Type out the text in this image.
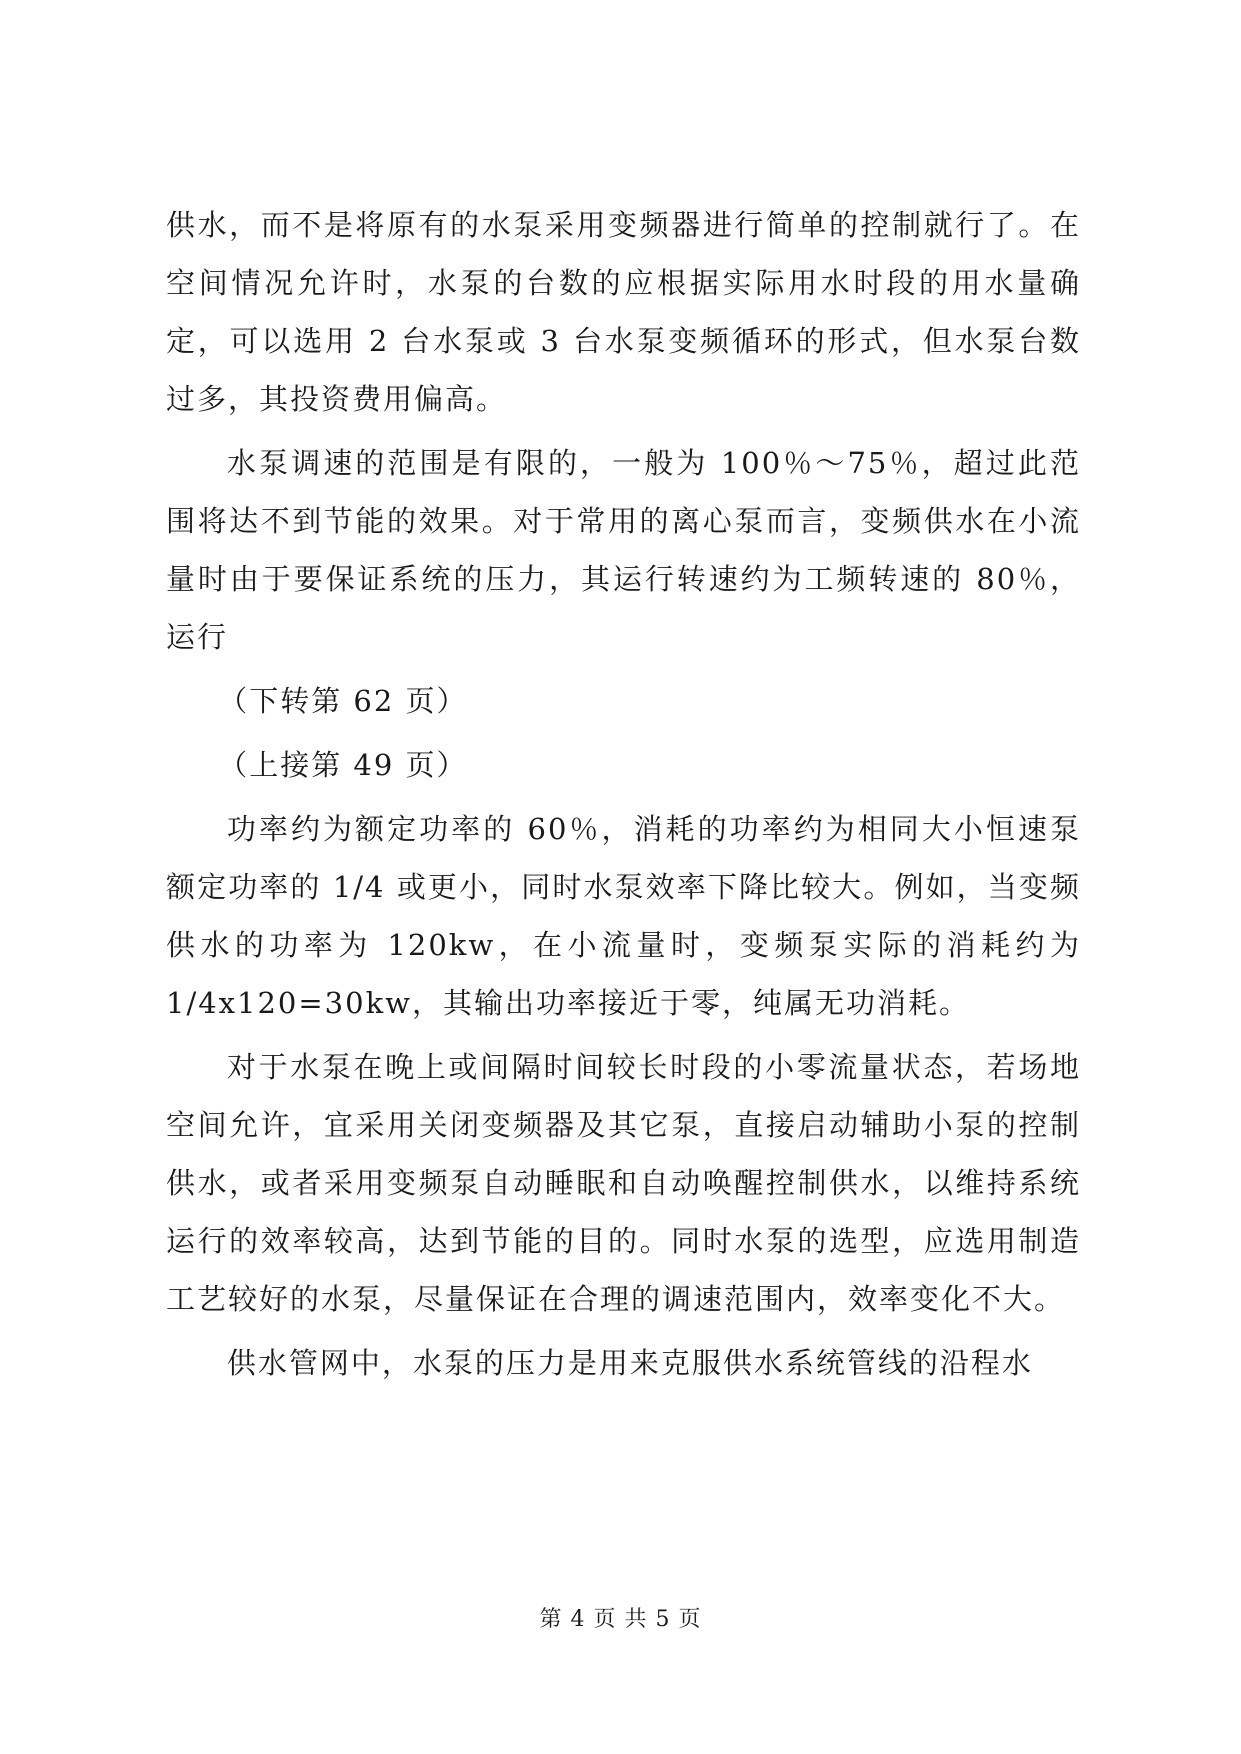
供水，而不是将原有的水泵采用变频器进行简单的控制就行了。在空间情况允许时，水泵的台数的应根据实际用水时段的用水量确定，可以选用 2 台水泵或 3 台水泵变频循环的形式，但水泵台数过多，其投资费用偏高。

水泵调速的范围是有限的，一般为 100％～75％，超过此范围将达不到节能的效果。对于常用的离心泵而言，变频供水在小流量时由于要保证系统的压力，其运行转速约为工频转速的 80％，运行

（下转第 62 页）

（上接第 49 页）

功率约为额定功率的 60％，消耗的功率约为相同大小恒速泵额定功率的 1/4 或更小，同时水泵效率下降比较大。例如，当变频供水的功率为 120kw，在小流量时，变频泵实际的消耗约为 1/4x120=30kw，其输出功率接近于零，纯属无功消耗。

对于水泵在晚上或间隔时间较长时段的小零流量状态，若场地空间允许，宜采用关闭变频器及其它泵，直接启动辅助小泵的控制供水，或者采用变频泵自动睡眠和自动唤醒控制供水，以维持系统运行的效率较高，达到节能的目的。同时水泵的选型，应选用制造工艺较好的水泵，尽量保证在合理的调速范围内，效率变化不大。

供水管网中，水泵的压力是用来克服供水系统管线的沿程水

第 4 页 共 5 页
